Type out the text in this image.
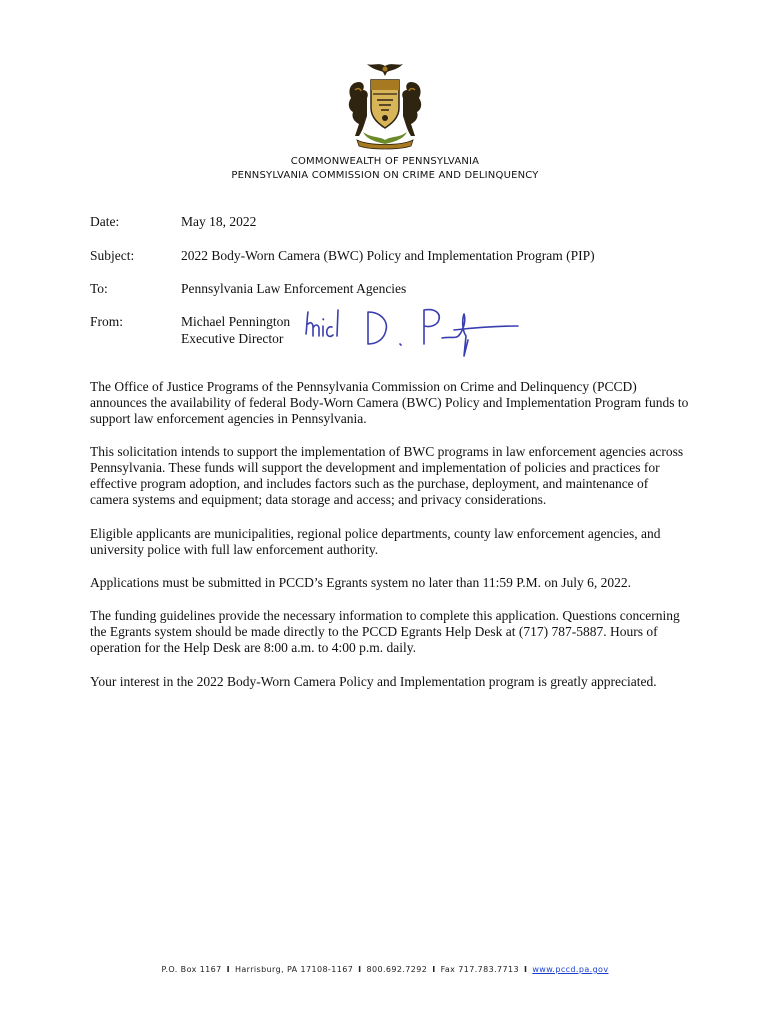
COMMONWEALTH OF PENNSYLVANIA
PENNSYLVANIA COMMISSION ON CRIME AND DELINQUENCY
Date:	May 18, 2022
Subject:	2022 Body-Worn Camera (BWC) Policy and Implementation Program (PIP)
To:	Pennsylvania Law Enforcement Agencies
From:	Michael Pennington
Executive Director

The Office of Justice Programs of the Pennsylvania Commission on Crime and Delinquency (PCCD) announces the availability of federal Body-Worn Camera (BWC) Policy and Implementation Program funds to support law enforcement agencies in Pennsylvania.

This solicitation intends to support the implementation of BWC programs in law enforcement agencies across Pennsylvania. These funds will support the development and implementation of policies and practices for effective program adoption, and includes factors such as the purchase, deployment, and maintenance of camera systems and equipment; data storage and access; and privacy considerations.

Eligible applicants are municipalities, regional police departments, county law enforcement agencies, and university police with full law enforcement authority.

Applications must be submitted in PCCD’s Egrants system no later than 11:59 P.M. on July 6, 2022.

The funding guidelines provide the necessary information to complete this application. Questions concerning the Egrants system should be made directly to the PCCD Egrants Help Desk at (717) 787-5887. Hours of operation for the Help Desk are 8:00 a.m. to 4:00 p.m. daily.

Your interest in the 2022 Body-Worn Camera Policy and Implementation program is greatly appreciated.

P.O. Box 1167 I Harrisburg, PA 17108-1167 I 800.692.7292 I Fax 717.783.7713 I www.pccd.pa.gov
